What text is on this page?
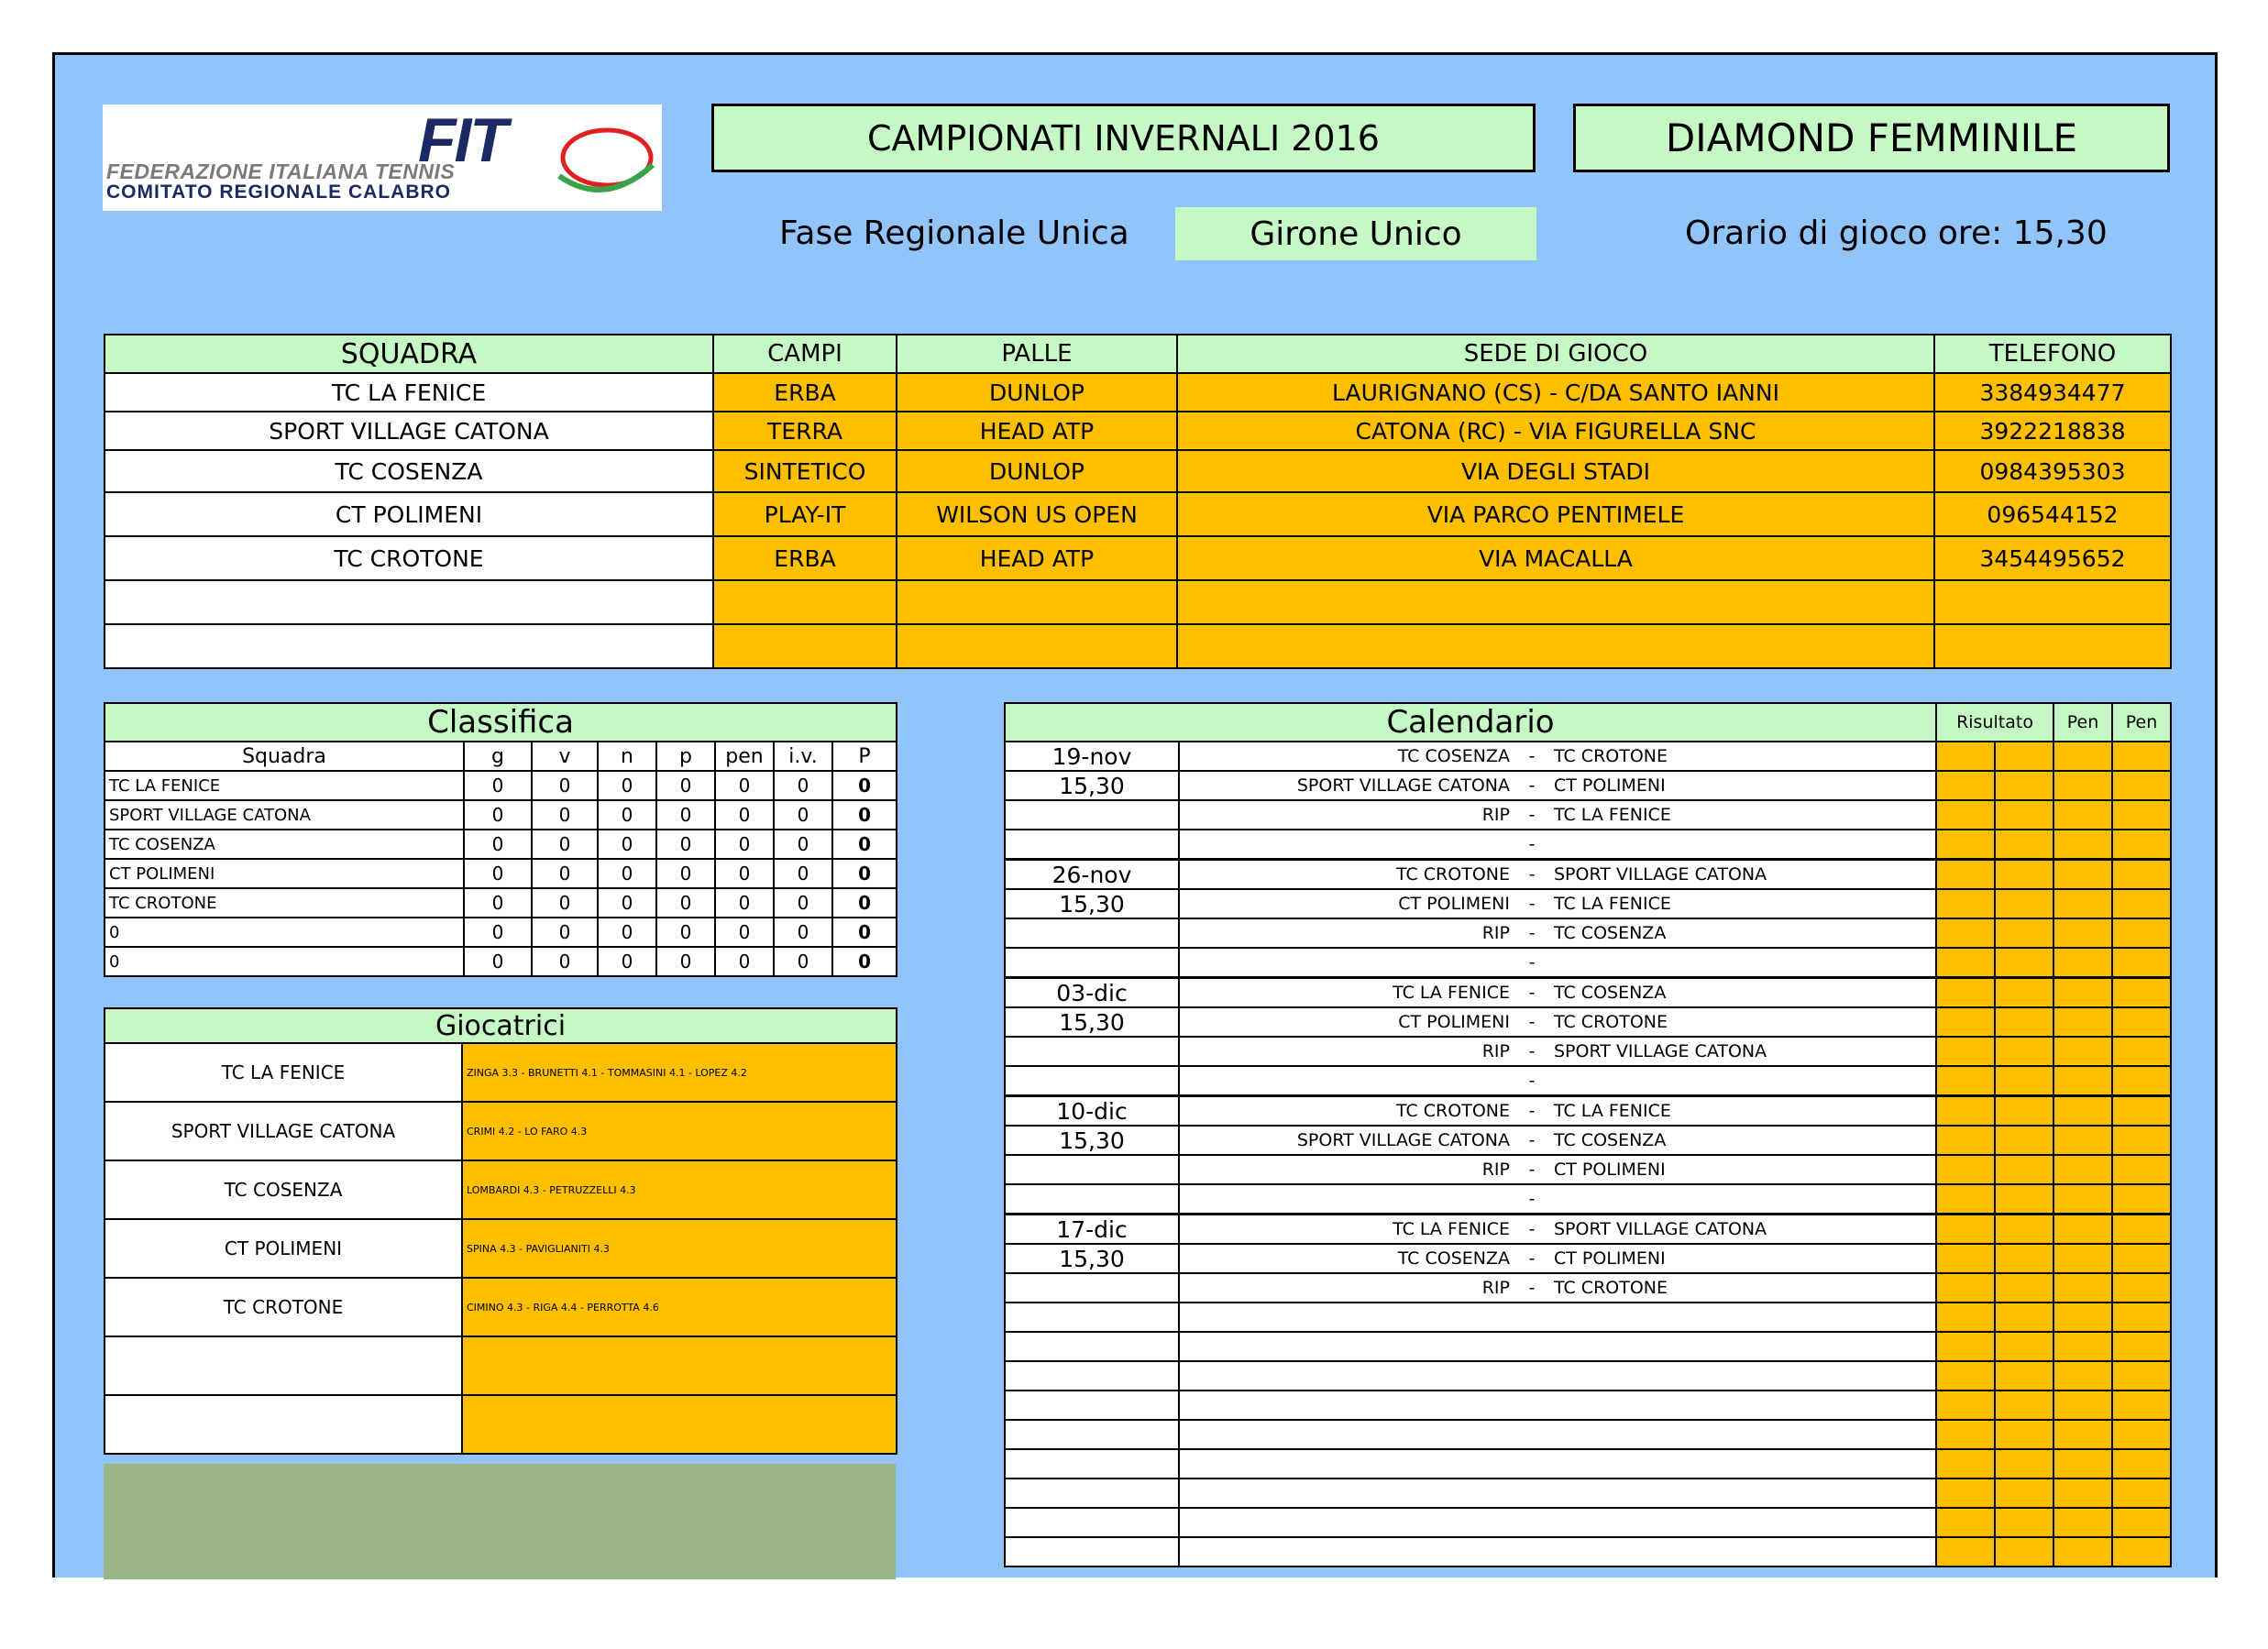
FIT
FEDERAZIONE ITALIANA TENNIS
COMITATO REGIONALE CALABRO
CAMPIONATI INVERNALI 2016	DIAMOND FEMMINILE
Fase Regionale Unica	Girone Unico	Orario di gioco ore:
15,30
SQUADRA	CAMPI	PALLE	SEDE DI GIOCO	TELEFONO
TC LA FENICE	ERBA	DUNLOP	LAURIGNANO (CS) - C/DA SANTO IANNI	3384934477
SPORT VILLAGE CATONA	TERRA	HEAD ATP	CATONA (RC) - VIA FIGURELLA SNC	3922218838
TC COSENZA	SINTETICO	DUNLOP	VIA DEGLI STADI	0984395303
CT POLIMENI	PLAY-IT	WILSON US OPEN	VIA PARCO PENTIMELE	096544152
TC CROTONE	ERBA	HEAD ATP	VIA MACALLA	3454495652

Classifica							
Squadra	g	v	n	p	pen	i.v.	P
TC LA FENICE	0	0	0	0	0	0	0
SPORT VILLAGE CATONA	0	0	0	0	0	0	0
TC COSENZA	0	0	0	0	0	0	0
CT POLIMENI	0	0	0	0	0	0	0
TC CROTONE	0	0	0	0	0	0	0
0	0	0	0	0	0	0	0
0	0	0	0	0	0	0	0
Giocatrici	
TC LA FENICE	ZINGA 3.3 - BRUNETTI 4.1 - TOMMASINI 4.1 - LOPEZ 4.2
SPORT VILLAGE CATONA	CRIMI 4.2 - LO FARO 4.3
TC COSENZA	LOMBARDI 4.3 - PETRUZZELLI 4.3
CT POLIMENI	SPINA 4.3 - PAVIGLIANITI 4.3
TC CROTONE	CIMINO 4.3 - RIGA 4.4 - PERROTTA 4.6

Calendario		Risultato		Pen	Pen
19-nov	TC COSENZA - TC CROTONE				

15,30	SPORT VILLAGE CATONA - CT POLIMENI				

	RIP - TC LA FENICE				

	-				

26-nov	TC CROTONE - SPORT VILLAGE CATONA				

15,30	CT POLIMENI - TC LA FENICE				

	RIP - TC COSENZA				

	-				

03-dic	TC LA FENICE - TC COSENZA				

15,30	CT POLIMENI - TC CROTONE				

	RIP - SPORT VILLAGE CATONA				

	-				

10-dic	TC CROTONE - TC LA FENICE				

15,30	SPORT VILLAGE CATONA - TC COSENZA				

	RIP - CT POLIMENI				

	-				

17-dic	TC LA FENICE - SPORT VILLAGE CATONA				

15,30	TC COSENZA - CT POLIMENI				

	RIP - TC CROTONE				
